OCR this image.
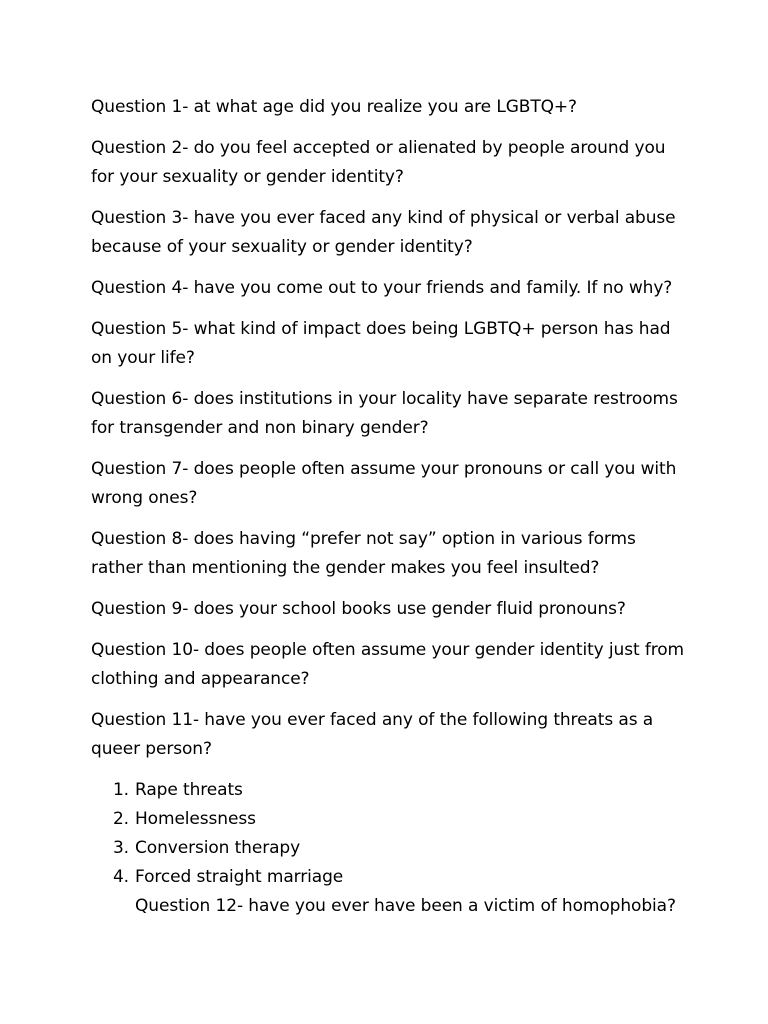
Question 1- at what age did you realize you are LGBTQ+?

Question 2- do you feel accepted or alienated by people around you for your sexuality or gender identity?

Question 3- have you ever faced any kind of physical or verbal abuse because of your sexuality or gender identity?

Question 4- have you come out to your friends and family. If no why?

Question 5- what kind of impact does being LGBTQ+ person has had on your life?

Question 6- does institutions in your locality have separate restrooms for transgender and non binary gender?

Question 7- does people often assume your pronouns or call you with wrong ones?

Question 8- does having “prefer not say” option in various forms rather than mentioning the gender makes you feel insulted?

Question 9- does your school books use gender fluid pronouns?

Question 10- does people often assume your gender identity just from clothing and appearance?

Question 11- have you ever faced any of the following threats as a queer person?

1. Rape threats
2. Homelessness
3. Conversion therapy
4. Forced straight marriage

Question 12- have you ever have been a victim of homophobia?
